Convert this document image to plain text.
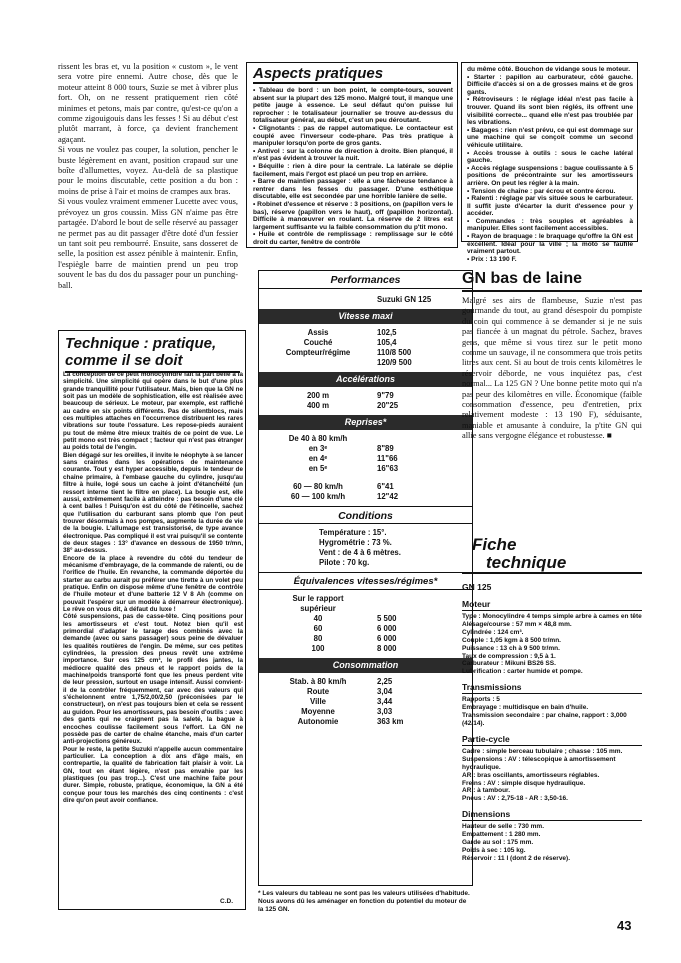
rissent les bras et, vu la position « custom », le vent sera votre pire ennemi. Autre chose, dès que le moteur atteint 8 000 tours, Suzie se met à vibrer plus fort. Oh, on ne ressent pratiquement rien côté minimes et petons, mais par contre, qu'est-ce qu'on a comme zigouigouis dans les fesses ! Si au début c'est plutôt marrant, à force, ça devient franchement agaçant.

Si vous ne voulez pas couper, la solution, pencher le buste légèrement en avant, position crapaud sur une boîte d'allumettes, voyez. Au-delà de sa plastique pour le moins discutable, cette position a du bon : moins de prise à l'air et moins de crampes aux bras.

Si vous voulez vraiment emmener Lucette avec vous, prévoyez un gros coussin. Miss GN n'aime pas être partagée. D'abord le bout de selle réservé au passager ne permet pas au dit passager d'être doté d'un fessier un tant soit peu rembourré. Ensuite, sans dosseret de selle, la position est assez pénible à maintenir. Enfin, l'espiègle barre de maintien prend un peu trop souvent le bas du dos du passager pour un punching-ball.

Technique : pratique,
comme il se doit

La conception de ce petit monocylindre fait la part belle à la simplicité. Une simplicité qui opère dans le but d'une plus grande tranquillité pour l'utilisateur. Mais, bien que la GN ne soit pas un modèle de sophistication, elle est réalisée avec beaucoup de sérieux. Le moteur, par exemple, est raffiché au cadre en six points différents. Pas de silentblocs, mais ces multiples attaches en l'occurrence distribuent les rares vibrations sur toute l'ossature. Les repose-pieds auraient pu tout de même être mieux traités de ce point de vue. Le petit mono est très compact ; facteur qui n'est pas étranger au poids total de l'engin.

Bien dégagé sur les oreilles, il invite le néophyte à se lancer sans craintes dans les opérations de maintenance courante. Tout y est hyper accessible, depuis le tendeur de chaîne primaire, à l'embase gauche du cylindre, jusqu'au filtre à huile, logé sous un cache à joint d'étanchéité (un ressort interne tient le filtre en place). La bougie est, elle aussi, extrêmement facile à atteindre : pas besoin d'une clé à cent balles ! Puisqu'on est du côté de l'étincelle, sachez que l'utilisation du carburant sans plomb que l'on peut trouver désormais à nos pompes, augmente la durée de vie de la bougie. L'allumage est transistorisé, de type avance électronique. Pas compliqué il est vrai puisqu'il se contente de deux stages : 13° d'avance en dessous de 1950 tr/mn, 38° au-dessus.

Encore de la place à revendre du côté du tendeur de mécanisme d'embrayage, de la commande de ralenti, ou de l'orifice de l'huile. En revanche, la commande déportée du starter au carbu aurait pu préférer une tirette à un volet peu pratique. Enfin on dispose même d'une fenêtre de contrôle de l'huile moteur et d'une batterie 12 V 8 Ah (comme on pouvait l'espérer sur un modèle à démarreur électronique). Le rêve on vous dit, à défaut du luxe !

Côté suspensions, pas de casse-tête. Cinq positions pour les amortisseurs et c'est tout. Notez bien qu'il est primordial d'adapter le tarage des combinés avec la demande (avec ou sans passager) sous peine de dévaluer les qualités routières de l'engin. De même, sur ces petites cylindrées, la pression des pneus revêt une extrême importance. Sur ces 125 cm³, le profil des jantes, la médiocre qualité des pneus et le rapport poids de la machine/poids transporté font que les pneus perdent vite de leur pression, surtout en usage intensif. Aussi convient-il de la contrôler fréquemment, car avec des valeurs qui s'échelonnent entre 1,75/2,00/2,50 (préconisées par le constructeur), on n'est pas toujours bien et cela se ressent au guidon. Pour les amortisseurs, pas besoin d'outils : avec des gants qui ne craignent pas la saleté, la bague à encoches coulisse facilement sous l'effort. La GN ne possède pas de carter de chaîne étanche, mais d'un carter anti-projections généreux.

Pour le reste, la petite Suzuki n'appelle aucun commentaire particulier. La conception a dix ans d'âge mais, en contrepartie, la qualité de fabrication fait plaisir à voir. La GN, tout en étant légère, n'est pas envahie par les plastiques (ou pas trop...). C'est une machine faite pour durer. Simple, robuste, pratique, économique, la GN a été conçue pour tous les marchés des cinq continents : c'est dire qu'on peut avoir confiance.

C.D.
Aspects pratiques

• Tableau de bord : un bon point, le compte-tours, souvent absent sur la plupart des 125 mono. Malgré tout, il manque une petite jauge à essence. Le seul défaut qu'on puisse lui reprocher : le totalisateur journalier se trouve au-dessus du totalisateur général, au début, c'est un peu déroutant.

• Clignotants : pas de rappel automatique. Le contacteur est couplé avec l'inverseur code-phare. Pas très pratique à manipuler lorsqu'on porte de gros gants.

• Antivol : sur la colonne de direction à droite. Bien planqué, il n'est pas évident à trouver la nuit.

• Béquille : rien à dire pour la centrale. La latérale se déplie facilement, mais l'ergot est placé un peu trop en arrière.

• Barre de maintien passager : elle a une fâcheuse tendance à rentrer dans les fesses du passager. D'une esthétique discutable, elle est secondée par une horrible lanière de selle.

• Robinet d'essence et réserve : 3 positions, on (papillon vers le bas), réserve (papillon vers le haut), off (papillon horizontal). Difficile à manœuvrer en roulant. La réserve de 2 litres est largement suffisante vu la faible consommation du p'tit mono.

• Huile et contrôle de remplissage : remplissage sur le côté droit du carter, fenêtre de contrôle

du même côté. Bouchon de vidange sous le moteur.

• Starter : papillon au carburateur, côté gauche. Difficile d'accès si on a de grosses mains et de gros gants.

• Rétroviseurs : le réglage idéal n'est pas facile à trouver. Quand ils sont bien réglés, ils offrent une visibilité correcte... quand elle n'est pas troublée par les vibrations.

• Bagages : rien n'est prévu, ce qui est dommage sur une machine qui se conçoit comme un second véhicule utilitaire.

• Accès trousse à outils : sous le cache latéral gauche.

• Accès réglage suspensions : bague coulissante à 5 positions de précontrainte sur les amortisseurs arrière. On peut les régler à la main.

• Tension de chaîne : par écrou et contre écrou.

• Ralenti : réglage par vis située sous le carburateur. Il suffit juste d'écarter la durit d'essence pour y accéder.

• Commandes : très souples et agréables à manipuler. Elles sont facilement accessibles.

• Rayon de braquage : le braquage qu'offre la GN est excellent. Idéal pour la ville ; la moto se faufile vraiment partout.

• Prix : 13 190 F.

Performances
Suzuki GN 125
Vitesse maxi
Assis	102,5
Couché	105,4
Compteur/régime	110/8 500
120/9 500
Accélérations
200 m	9"79
400 m	20"25
Reprises*
De 40 à 80 km/h
en 3ᵉ	8"89
en 4ᵉ	11"66
en 5ᵉ	16"63
60 — 80 km/h	6"41
60 — 100 km/h	12"42
Conditions
Température : 15°.
Hygrométrie : 73 %.
Vent : de 4 à 6 mètres.
Pilote : 70 kg.
Équivalences vitesses/régimes*
Sur le rapport supérieur
40	5 500
60	6 000
80	6 000
100	8 000
Consommation
Stab. à 80 km/h	2,25
Route	3,04
Ville	3,44
Moyenne	3,03
Autonomie	363 km
* Les valeurs du tableau ne sont pas les valeurs utilisées d'habitude. Nous avons dû les aménager en fonction du potentiel du moteur de la 125 GN.
GN bas de laine
Malgré ses airs de flambeuse, Suzie n'est pas gourmande du tout, au grand désespoir du pompiste du coin qui commence à se demander si je ne suis pas fiancée à un magnat du pétrole. Sachez, braves gens, que même si vous tirez sur le petit mono comme un sauvage, il ne consommera que trois petits litres aux cent. Si au bout de trois cents kilomètres le réservoir déborde, ne vous inquiétez pas, c'est normal... La 125 GN ? Une bonne petite moto qui n'a pas peur des kilomètres en ville. Économique (faible consommation d'essence, peu d'entretien, prix relativement modeste : 13 190 F), séduisante, maniable et amusante à conduire, la p'tite GN qui allie sans vergogne élégance et robustesse. ■
Fiche
technique
GN 125
Moteur
Type : Monocylindre 4 temps simple arbre à cames en tête
Alésage/course : 57 mm × 48,8 mm.
Cylindrée : 124 cm³.
Couple : 1,05 kgm à 8 500 tr/mn.
Puissance : 13 ch à 9 500 tr/mn.
Taux de compression : 9,5 à 1.
Carburateur : Mikuni BS26 SS.
Lubrification : carter humide et pompe.
Transmissions
Rapports : 5
Embrayage : multidisque en bain d'huile.
Transmission secondaire : par chaîne, rapport : 3,000 (42/14).
Partie-cycle
Cadre : simple berceau tubulaire ; chasse : 105 mm.
Suspensions : AV : télescopique à amortissement hydraulique.
AR : bras oscillants, amortisseurs réglables.
Freins : AV : simple disque hydraulique.
AR : à tambour.
Pneus : AV : 2,75-18 - AR : 3,50-16.
Dimensions
Hauteur de selle : 730 mm.
Empattement : 1 280 mm.
Garde au sol : 175 mm.
Poids à sec : 105 kg.
Réservoir : 11 l (dont 2 de réserve).
43
